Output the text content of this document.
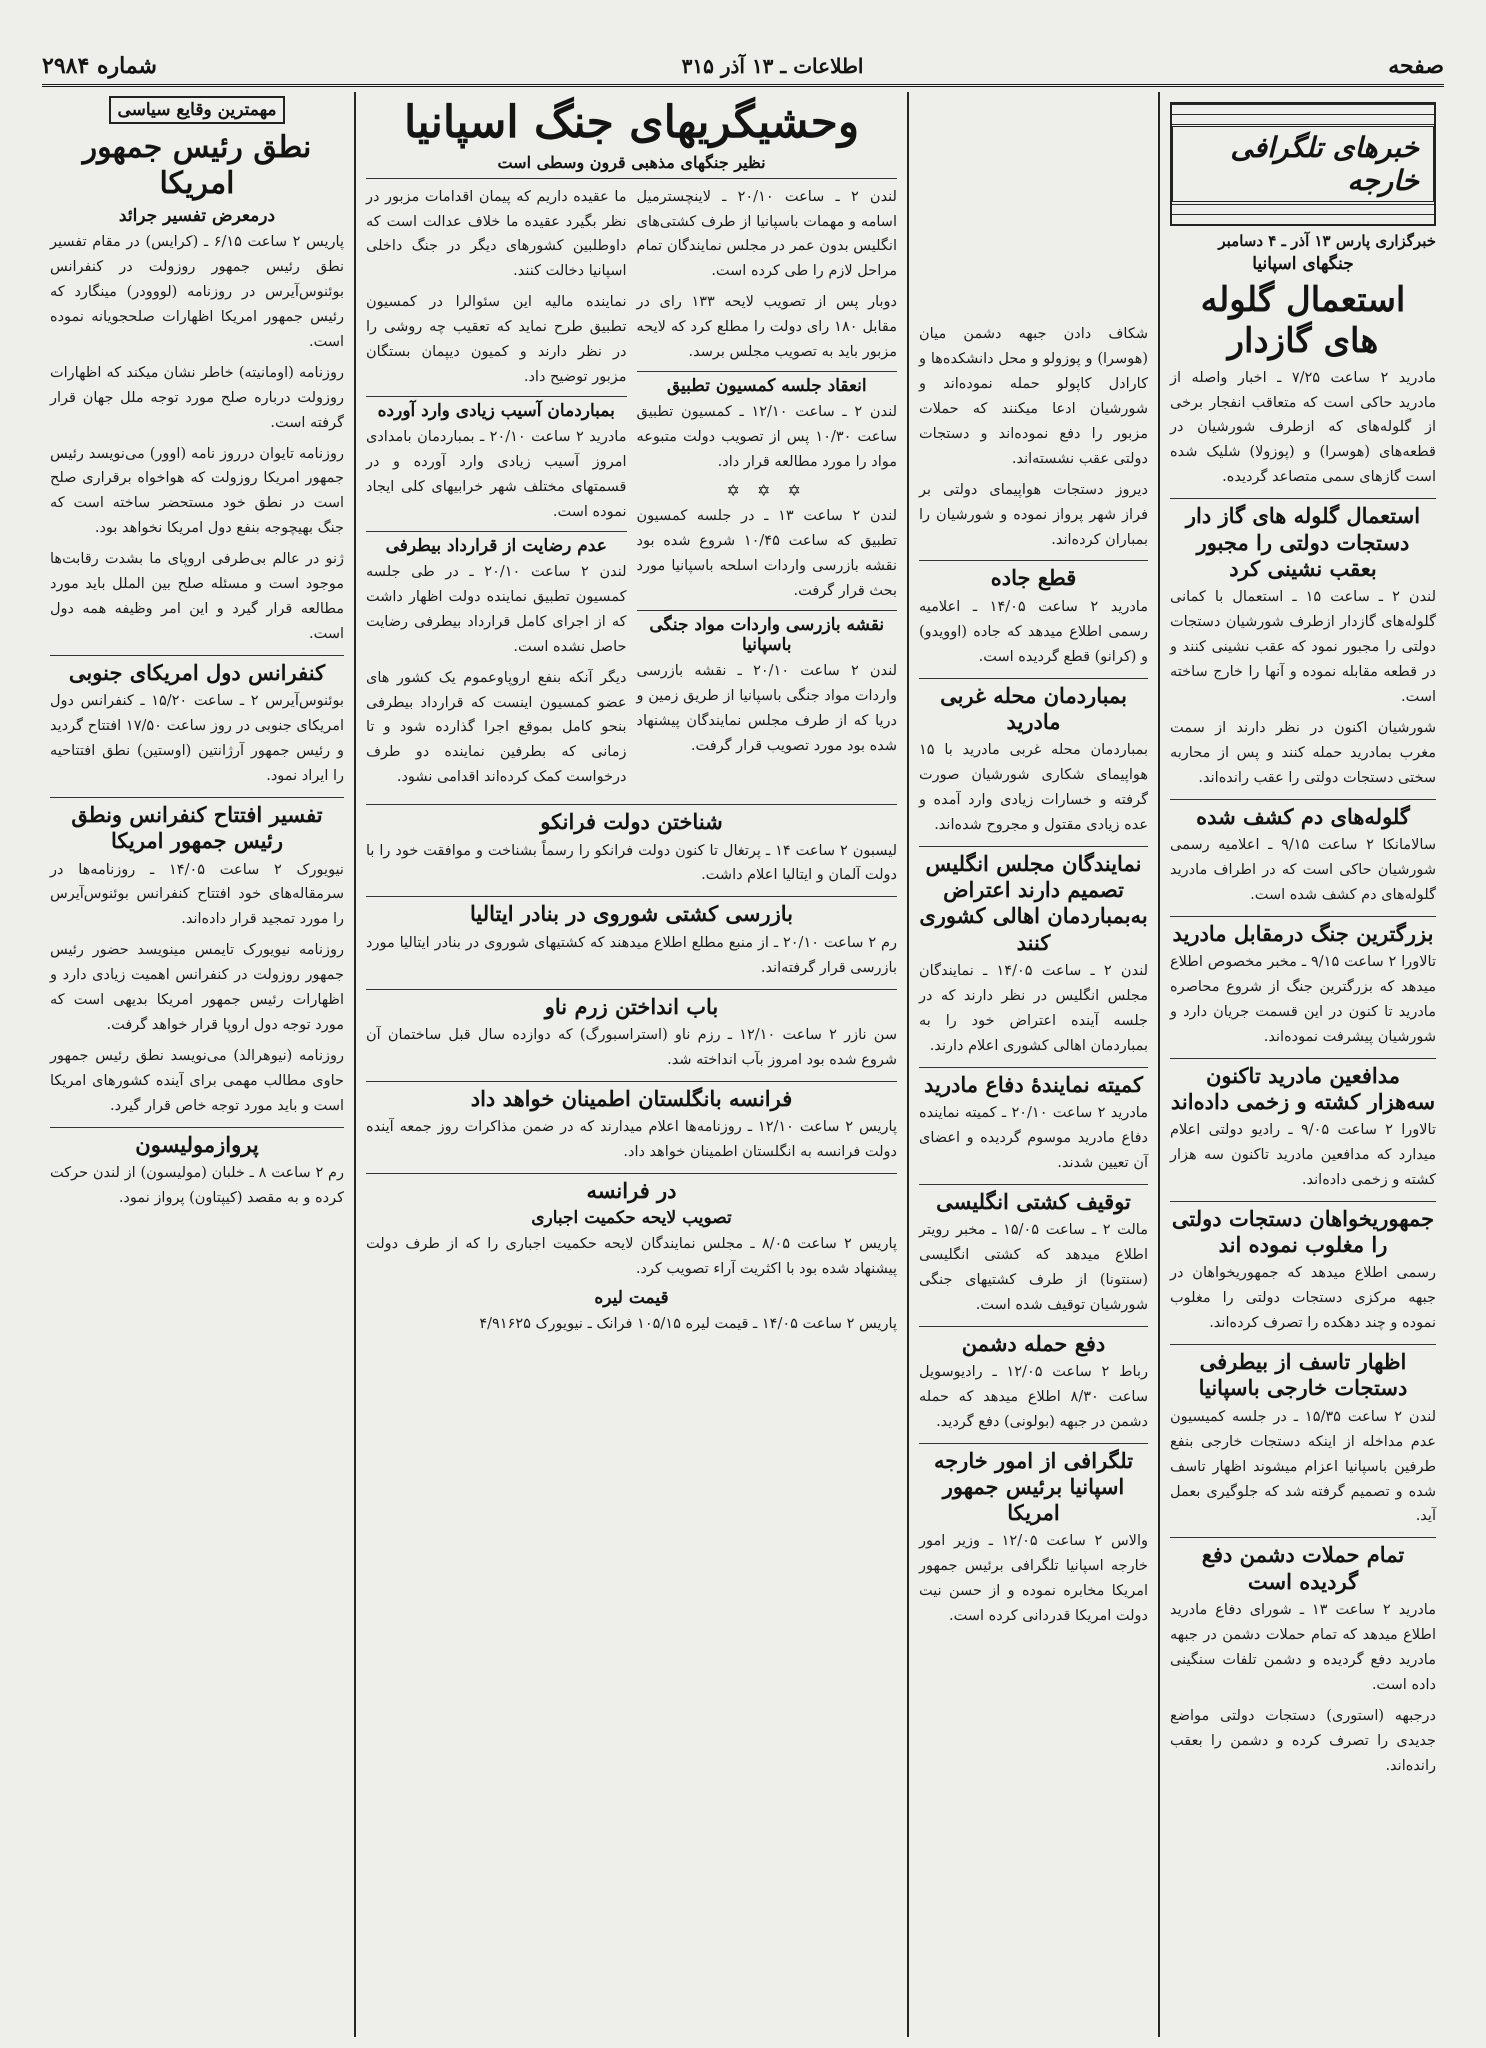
صفحه
اطلاعات ـ ۱۳ آذر ۳۱۵
شماره ۲۹۸۴
خبرهای تلگرافی خارجه
خبرگزاری پارس ۱۳ آذر ـ ۴ دسامبر
جنگهای اسپانیا
استعمال گلوله های گازدار

مادرید ۲ ساعت ۷/۲۵ ـ اخبار واصله از مادرید حاکی است که متعاقب انفجار برخی از گلوله‌های که ازطرف شورشیان در قطعه‌های (هوسرا) و (پوزولا) شلیک شده است گازهای سمی متصاعد گردیده.

استعمال گلوله های گاز دار دستجات دولتی را مجبور بعقب نشینی کرد

لندن ۲ ـ ساعت ۱۵ ـ استعمال با کمانی گلوله‌های گازدار ازطرف شورشیان دستجات دولتی را مجبور نمود که عقب نشینی کنند و در قطعه مقابله نموده و آنها را خارج ساخته است.

شورشیان اکنون در نظر دارند از سمت مغرب بمادرید حمله کنند و پس از محاربه سختی دستجات دولتی را عقب رانده‌اند.

گلوله‌های دم کشف شده

سالامانکا ۲ ساعت ۹/۱۵ ـ اعلامیه رسمی شورشیان حاکی است که در اطراف مادرید گلوله‌های دم کشف شده است.

بزرگترین جنگ درمقابل مادرید

تالاورا ۲ ساعت ۹/۱۵ ـ مخبر مخصوص اطلاع میدهد که بزرگترین جنگ از شروع محاصره مادرید تا کنون در این قسمت جریان دارد و شورشیان پیشرفت نموده‌اند.

مدافعین مادرید تاکنون سه‌هزار کشته و زخمی داده‌اند

تالاورا ۲ ساعت ۹/۰۵ ـ رادیو دولتی اعلام میدارد که مدافعین مادرید تاکنون سه هزار کشته و زخمی داده‌اند.

جمهوریخواهان دستجات دولتی را مغلوب نموده اند

رسمی اطلاع میدهد که جمهوریخواهان در جبهه مرکزی دستجات دولتی را مغلوب نموده و چند دهکده را تصرف کرده‌اند.

اظهار تاسف از بیطرفی دستجات خارجی باسپانیا

لندن ۲ ساعت ۱۵/۳۵ ـ در جلسه کمیسیون عدم مداخله از اینکه دستجات خارجی بنفع طرفین باسپانیا اعزام میشوند اظهار تاسف شده و تصمیم گرفته شد که جلوگیری بعمل آید.

تمام حملات دشمن دفع گردیده است

مادرید ۲ ساعت ۱۳ ـ شورای دفاع مادرید اطلاع میدهد که تمام حملات دشمن در جبهه مادرید دفع گردیده و دشمن تلفات سنگینی داده است.

درجبهه (استوری) دستجات دولتی مواضع جدیدی را تصرف کرده و دشمن را بعقب رانده‌اند.

شکاف دادن جبهه دشمن میان (هوسرا) و پوزولو و محل دانشکده‌ها و کارادل کاپولو حمله نموده‌اند و شورشیان ادعا میکنند که حملات مزبور را دفع نموده‌اند و دستجات دولتی عقب نشسته‌اند.

دیروز دستجات هواپیمای دولتی بر فراز شهر پرواز نموده و شورشیان را بمباران کرده‌اند.

قطع جاده

مادرید ۲ ساعت ۱۴/۰۵ ـ اعلامیه رسمی اطلاع میدهد که جاده (اوویدو) و (کرانو) قطع گردیده است.

بمباردمان محله غربی مادرید

بمباردمان محله غربی مادرید با ۱۵ هواپیمای شکاری شورشیان صورت گرفته و خسارات زیادی وارد آمده و عده زیادی مقتول و مجروح شده‌اند.

نمایندگان مجلس انگلیس تصمیم دارند اعتراض به‌بمباردمان اهالی کشوری کنند

لندن ۲ ـ ساعت ۱۴/۰۵ ـ نمایندگان مجلس انگلیس در نظر دارند که در جلسه آینده اعتراض خود را به بمباردمان اهالی کشوری اعلام دارند.

کمیته نمایندهٔ دفاع مادرید

مادرید ۲ ساعت ۲۰/۱۰ ـ کمیته نماینده دفاع مادرید موسوم گردیده و اعضای آن تعیین شدند.

توقیف کشتی انگلیسی

مالت ۲ ـ ساعت ۱۵/۰۵ ـ مخبر رویتر اطلاع میدهد که کشتی انگلیسی (سنتونا) از طرف کشتیهای جنگی شورشیان توقیف شده است.

دفع حمله دشمن

رباط ۲ ساعت ۱۲/۰۵ ـ رادیوسویل ساعت ۸/۳۰ اطلاع میدهد که حمله دشمن در جبهه (بولونی) دفع گردید.

تلگرافی از امور خارجه اسپانیا برئیس جمهور امریکا

والاس ۲ ساعت ۱۲/۰۵ ـ وزیر امور خارجه اسپانیا تلگرافی برئیس جمهور امریکا مخابره نموده و از حسن نیت دولت امریکا قدردانی کرده است.

وحشیگریهای جنگ اسپانیا
نظیر جنگهای مذهبی قرون وسطی است

لندن ۲ ـ ساعت ۲۰/۱۰ ـ لاینچسترمیل اسامه و مهمات باسپانیا از طرف کشتی‌های انگلیس بدون عمر در مجلس نمایندگان تمام مراحل لازم را طی کرده است.

دوبار پس از تصویب لایحه ۱۳۳ رای در مقابل ۱۸۰ رای دولت را مطلع کرد که لایحه مزبور باید به تصویب مجلس برسد.

انعقاد جلسه کمسیون تطبیق

لندن ۲ ـ ساعت ۱۲/۱۰ ـ کمسیون تطبیق ساعت ۱۰/۳۰ پس از تصویب دولت متبوعه مواد را مورد مطالعه قرار داد.

✡ ✡ ✡

لندن ۲ ساعت ۱۳ ـ در جلسه کمسیون تطبیق که ساعت ۱۰/۴۵ شروع شده بود نقشه بازرسی واردات اسلحه باسپانیا مورد بحث قرار گرفت.

نقشه بازرسی واردات مواد جنگی باسپانیا

لندن ۲ ساعت ۲۰/۱۰ ـ نقشه بازرسی واردات مواد جنگی باسپانیا از طریق زمین و دریا که از طرف مجلس نمایندگان پیشنهاد شده بود مورد تصویب قرار گرفت.

ما عقیده داریم که پیمان اقدامات مزبور در نظر بگیرد عقیده ما خلاف عدالت است که داوطلبین کشورهای دیگر در جنگ داخلی اسپانیا دخالت کنند.

نماینده مالیه این سئوالرا در کمسیون تطبیق طرح نماید که تعقیب چه روشی را در نظر دارند و کمیون دیپمان بستگان مزبور توضیح داد.

بمباردمان آسیب زیادی وارد آورده

مادرید ۲ ساعت ۲۰/۱۰ ـ بمباردمان بامدادی امروز آسیب زیادی وارد آورده و در قسمتهای مختلف شهر خرابیهای کلی ایجاد نموده است.

عدم رضایت از قرارداد بیطرفی

لندن ۲ ساعت ۲۰/۱۰ ـ در طی جلسه کمسیون تطبیق نماینده دولت اظهار داشت که از اجرای کامل قرارداد بیطرفی رضایت حاصل نشده است.

دیگر آنکه بنفع اروپاوعموم یک کشور های عضو کمسیون اینست که قرارداد بیطرفی بنحو کامل بموقع اجرا گذارده شود و تا زمانی که بطرفین نماینده دو طرف درخواست کمک کرده‌اند اقدامی نشود.

شناختن دولت فرانکو

لیسبون ۲ ساعت ۱۴ ـ پرتغال تا کنون دولت فرانکو را رسماً بشناخت و موافقت خود را با دولت آلمان و ایتالیا اعلام داشت.

بازرسی کشتی شوروی در بنادر ایتالیا

رم ۲ ساعت ۲۰/۱۰ ـ از منبع مطلع اطلاع میدهند که کشتیهای شوروی در بنادر ایتالیا مورد بازرسی قرار گرفته‌اند.

باب انداختن زرم ناو

سن نازر ۲ ساعت ۱۲/۱۰ ـ رزم ناو (استراسبورگ) که دوازده سال قبل ساختمان آن شروع شده بود امروز بآب انداخته شد.

فرانسه بانگلستان اطمینان خواهد داد

پاریس ۲ ساعت ۱۲/۱۰ ـ روزنامه‌ها اعلام میدارند که در ضمن مذاکرات روز جمعه آینده دولت فرانسه به انگلستان اطمینان خواهد داد.

در فرانسه
تصویب لایحه حکمیت اجباری

پاریس ۲ ساعت ۸/۰۵ ـ مجلس نمایندگان لایحه حکمیت اجباری را که از طرف دولت پیشنهاد شده بود با اکثریت آراء تصویب کرد.

قیمت لیره

پاریس ۲ ساعت ۱۴/۰۵ ـ قیمت لیره ۱۰۵/۱۵ فرانک ـ نیویورک ۴/۹۱۶۲۵

مهمترین وقایع سیاسی
نطق رئیس جمهور امریکا
درمعرض تفسیر جرائد

پاریس ۲ ساعت ۶/۱۵ ـ (کرایس) در مقام تفسیر نطق رئیس جمهور روزولت در کنفرانس بوئنوس‌آیرس در روزنامه (لووودر) مینگارد که رئیس جمهور امریکا اظهارات صلحجویانه نموده است.

روزنامه (اومانیته) خاطر نشان میکند که اظهارات روزولت درباره صلح مورد توجه ملل جهان قرار گرفته است.

روزنامه تایوان درروز نامه (اوور) می‌نویسد رئیس جمهور امریکا روزولت که هواخواه برقراری صلح است در نطق خود مستحضر ساخته است که جنگ بهیچوجه بنفع دول امریکا نخواهد بود.

ژنو در عالم بی‌طرفی اروپای ما بشدت رقابت‌ها موجود است و مسئله صلح بین الملل باید مورد مطالعه قرار گیرد و این امر وظیفه همه دول است.

کنفرانس دول امریکای جنوبی

بوئنوس‌آیرس ۲ ـ ساعت ۱۵/۲۰ ـ کنفرانس دول امریکای جنوبی در روز ساعت ۱۷/۵۰ افتتاح گردید و رئیس جمهور آرژانتین (اوستین) نطق افتتاحیه را ایراد نمود.

تفسیر افتتاح کنفرانس ونطق رئیس جمهور امریکا

نیویورک ۲ ساعت ۱۴/۰۵ ـ روزنامه‌ها در سرمقاله‌های خود افتتاح کنفرانس بوئنوس‌آیرس را مورد تمجید قرار داده‌اند.

روزنامه نیویورک تایمس مینویسد حضور رئیس جمهور روزولت در کنفرانس اهمیت زیادی دارد و اظهارات رئیس جمهور امریکا بدیهی است که مورد توجه دول اروپا قرار خواهد گرفت.

روزنامه (نیوهرالد) می‌نویسد نطق رئیس جمهور حاوی مطالب مهمی برای آینده کشورهای امریکا است و باید مورد توجه خاص قرار گیرد.

پروازمولیسون

رم ۲ ساعت ۸ ـ خلبان (مولیسون) از لندن حرکت کرده و به مقصد (کیپتاون) پرواز نمود.
